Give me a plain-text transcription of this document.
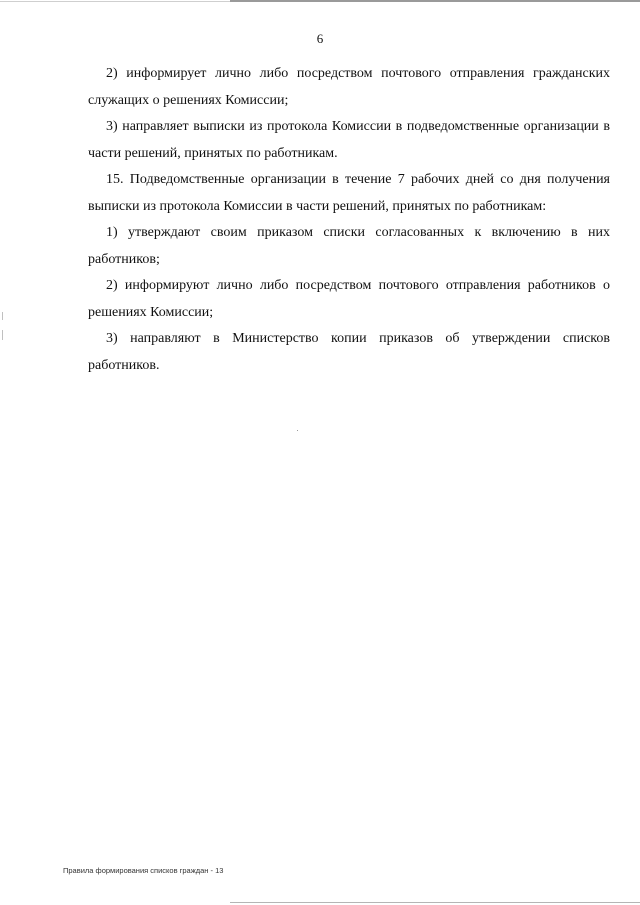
6

2) информирует лично либо посредством почтового отправления гражданских служащих о решениях Комиссии;

3) направляет выписки из протокола Комиссии в подведомственные организации в части решений, принятых по работникам.

15. Подведомственные организации в течение 7 рабочих дней со дня получения выписки из протокола Комиссии в части решений, принятых по работникам:

1) утверждают своим приказом списки согласованных к включению в них работников;

2) информируют лично либо посредством почтового отправления работников о решениях Комиссии;

3) направляют в Министерство копии приказов об утверждении списков работников.

Правила формирования списков граждан - 13
